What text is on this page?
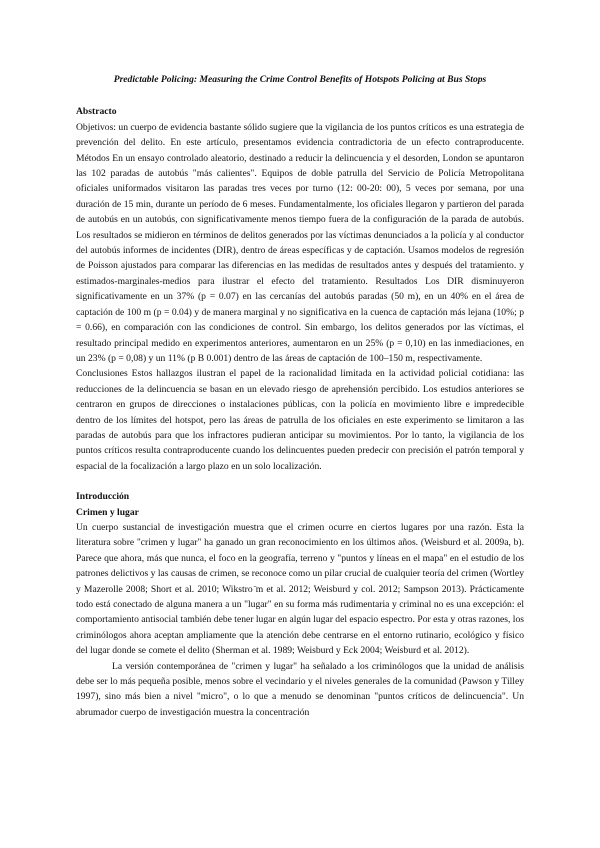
Predictable Policing: Measuring the Crime Control Benefits of Hotspots Policing at Bus Stops
Abstracto

Objetivos: un cuerpo de evidencia bastante sólido sugiere que la vigilancia de los puntos críticos es una estrategia de prevención del delito. En este artículo, presentamos evidencia contradictoria de un efecto contraproducente. Métodos En un ensayo controlado aleatorio, destinado a reducir la delincuencia y el desorden, London se apuntaron las 102 paradas de autobús "más calientes". Equipos de doble patrulla del Servicio de Policía Metropolitana oficiales uniformados visitaron las paradas tres veces por turno (12: 00-20: 00), 5 veces por semana, por una duración de 15 min, durante un período de 6 meses. Fundamentalmente, los oficiales llegaron y partieron del parada de autobús en un autobús, con significativamente menos tiempo fuera de la configuración de la parada de autobús. Los resultados se midieron en términos de delitos generados por las víctimas denunciados a la policía y al conductor del autobús informes de incidentes (DIR), dentro de áreas específicas y de captación. Usamos modelos de regresión de Poisson ajustados para comparar las diferencias en las medidas de resultados antes y después del tratamiento. y estimados-marginales-medios para ilustrar el efecto del tratamiento. Resultados Los DIR disminuyeron significativamente en un 37% (p = 0.07) en las cercanías del autobús paradas (50 m), en un 40% en el área de captación de 100 m (p = 0.04) y de manera marginal y no significativa en la cuenca de captación más lejana (10%; p = 0.66), en comparación con las condiciones de control. Sin embargo, los delitos generados por las víctimas, el resultado principal medido en experimentos anteriores, aumentaron en un 25% (p = 0,10) en las inmediaciones, en un 23% (p = 0,08) y un 11% (p B 0.001) dentro de las áreas de captación de 100–150 m, respectivamente.

Conclusiones Estos hallazgos ilustran el papel de la racionalidad limitada en la actividad policial cotidiana: las reducciones de la delincuencia se basan en un elevado riesgo de aprehensión percibido. Los estudios anteriores se centraron en grupos de direcciones o instalaciones públicas, con la policía en movimiento libre e impredecible dentro de los límites del hotspot, pero las áreas de patrulla de los oficiales en este experimento se limitaron a las paradas de autobús para que los infractores pudieran anticipar su movimientos. Por lo tanto, la vigilancia de los puntos críticos resulta contraproducente cuando los delincuentes pueden predecir con precisión el patrón temporal y espacial de la focalización a largo plazo en un solo localización.

Introducción
Crimen y lugar

Un cuerpo sustancial de investigación muestra que el crimen ocurre en ciertos lugares por una razón. Esta la literatura sobre "crimen y lugar" ha ganado un gran reconocimiento en los últimos años. (Weisburd et al. 2009a, b). Parece que ahora, más que nunca, el foco en la geografía, terreno y "puntos y líneas en el mapa" en el estudio de los patrones delictivos y las causas de crimen, se reconoce como un pilar crucial de cualquier teoría del crimen (Wortley y Mazerolle 2008; Short et al. 2010; Wikstro ̈m et al. 2012; Weisburd y col. 2012; Sampson 2013). Prácticamente todo está conectado de alguna manera a un "lugar" en su forma más rudimentaria y criminal no es una excepción: el comportamiento antisocial también debe tener lugar en algún lugar del espacio espectro. Por esta y otras razones, los criminólogos ahora aceptan ampliamente que la atención debe centrarse en el entorno rutinario, ecológico y físico del lugar donde se comete el delito (Sherman et al. 1989; Weisburd y Eck 2004; Weisburd et al. 2012).

La versión contemporánea de "crimen y lugar" ha señalado a los criminólogos que la unidad de análisis debe ser lo más pequeña posible, menos sobre el vecindario y el niveles generales de la comunidad (Pawson y Tilley 1997), sino más bien a nivel "micro", o lo que a menudo se denominan "puntos críticos de delincuencia". Un abrumador cuerpo de investigación muestra la concentración
